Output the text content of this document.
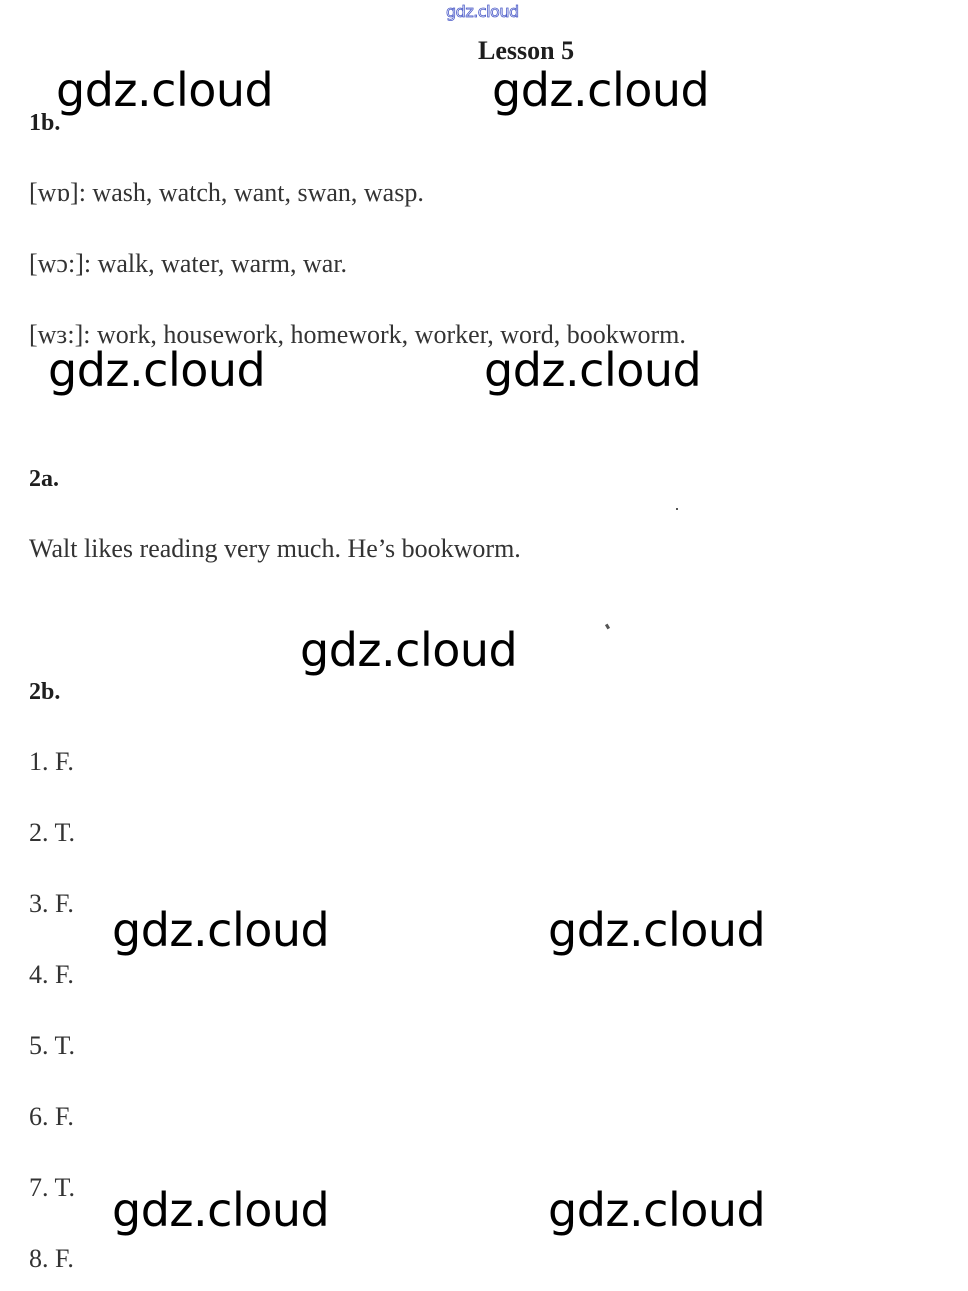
gdz.cloud
Lesson 5
1b.
[wɒ]: wash, watch, want, swan, wasp.
[wɔ:]: walk, water, warm, war.
[wɜ:]: work, housework, homework, worker, word, bookworm.
2a.
Walt likes reading very much. He’s bookworm.
2b.
1. F.
2. T.
3. F.
4. F.
5. T.
6. F.
7. T.
8. F.
gdz.cloud	gdz.cloud
gdz.cloud	gdz.cloud
gdz.cloud
gdz.cloud	gdz.cloud
gdz.cloud	gdz.cloud
